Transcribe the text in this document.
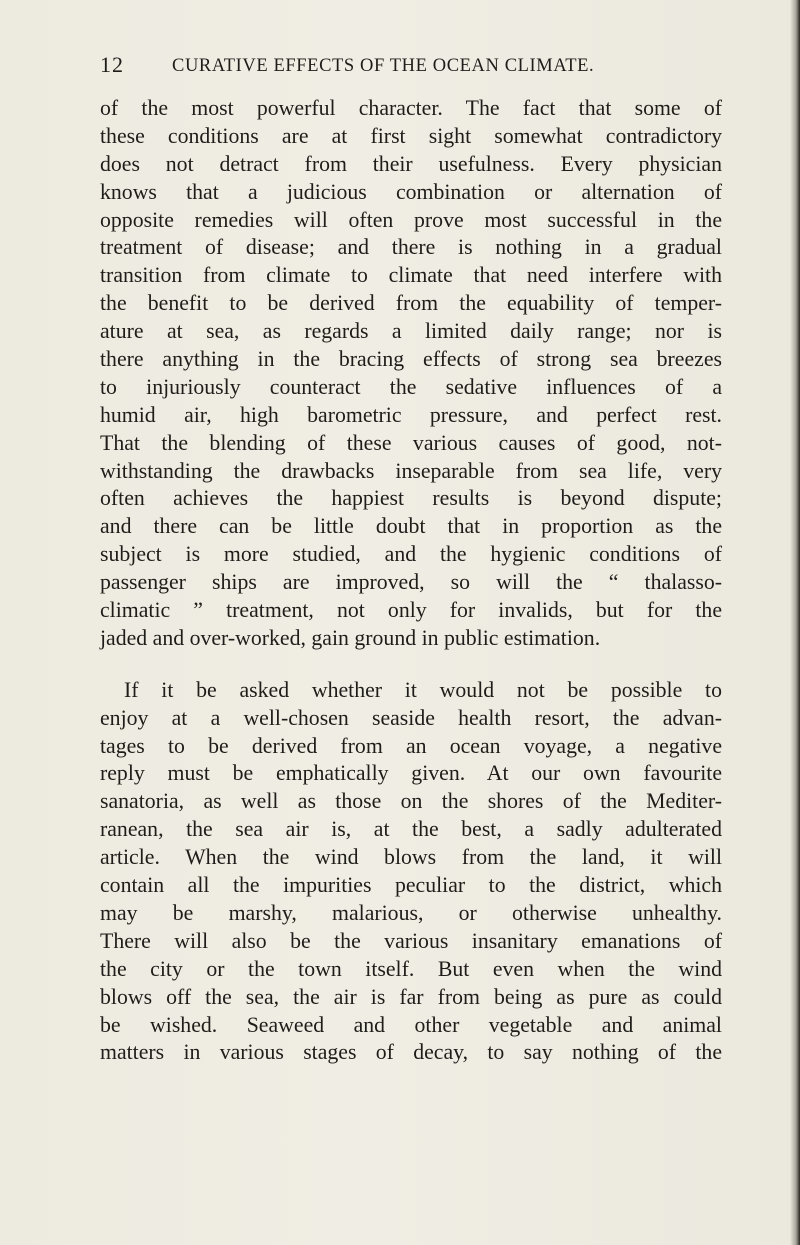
12	CURATIVE EFFECTS OF THE OCEAN CLIMATE.
of the most powerful character. The fact that some of
these conditions are at first sight somewhat contradictory
does not detract from their usefulness. Every physician
knows that a judicious combination or alternation of
opposite remedies will often prove most successful in the
treatment of disease; and there is nothing in a gradual
transition from climate to climate that need interfere with
the benefit to be derived from the equability of temper-
ature at sea, as regards a limited daily range; nor is
there anything in the bracing effects of strong sea breezes
to injuriously counteract the sedative influences of a
humid air, high barometric pressure, and perfect rest.
That the blending of these various causes of good, not-
withstanding the drawbacks inseparable from sea life, very
often achieves the happiest results is beyond dispute;
and there can be little doubt that in proportion as the
subject is more studied, and the hygienic conditions of
passenger ships are improved, so will the “ thalasso-
climatic ” treatment, not only for invalids, but for the
jaded and over-worked, gain ground in public estimation.
If it be asked whether it would not be possible to
enjoy at a well-chosen seaside health resort, the advan-
tages to be derived from an ocean voyage, a negative
reply must be emphatically given. At our own favourite
sanatoria, as well as those on the shores of the Mediter-
ranean, the sea air is, at the best, a sadly adulterated
article. When the wind blows from the land, it will
contain all the impurities peculiar to the district, which
may be marshy, malarious, or otherwise unhealthy.
There will also be the various insanitary emanations of
the city or the town itself. But even when the wind
blows off the sea, the air is far from being as pure as could
be wished. Seaweed and other vegetable and animal
matters in various stages of decay, to say nothing of the
